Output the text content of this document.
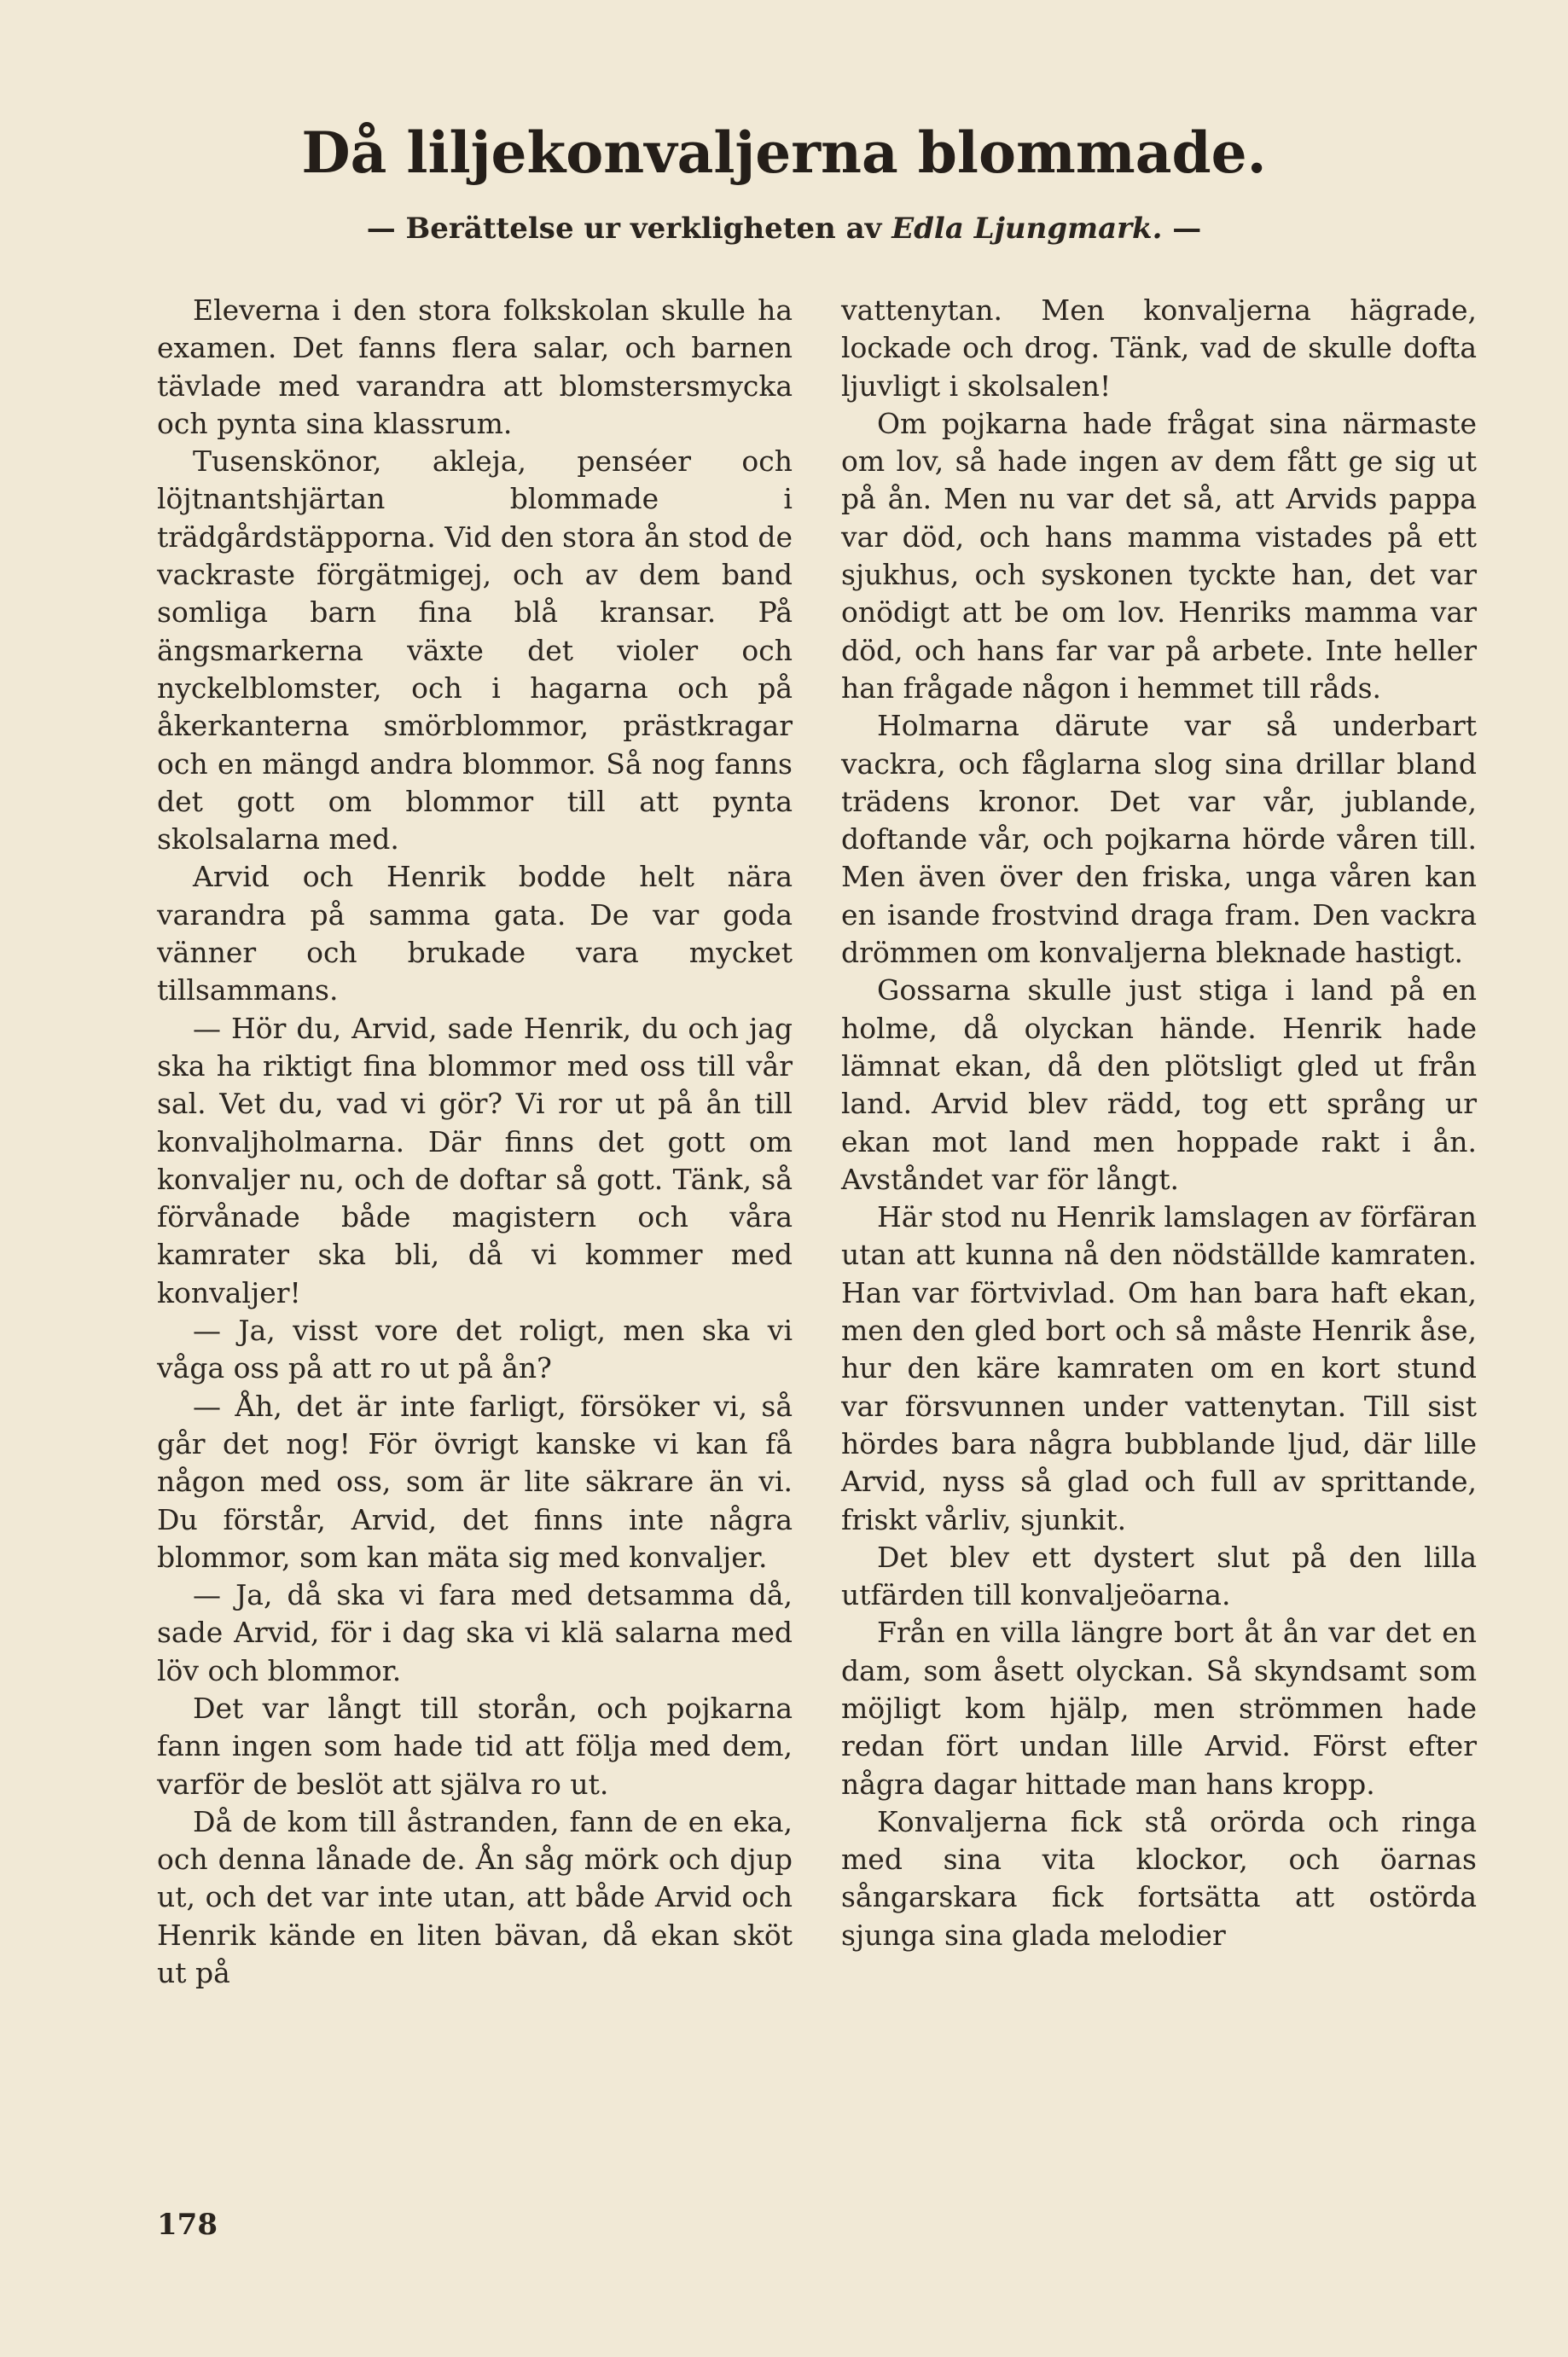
Då liljekonvaljerna blommade.
— Berättelse ur verkligheten av Edla Ljungmark. —

Eleverna i den stora folkskolan skulle ha examen. Det fanns flera salar, och barnen tävlade med varandra att blomstersmycka och pynta sina klassrum.

Tusenskönor, akleja, penséer och löjtnantshjärtan blommade i trädgårdstäpporna. Vid den stora ån stod de vackraste förgätmigej, och av dem band somliga barn fina blå kransar. På ängsmarkerna växte det violer och nyckelblomster, och i hagarna och på åkerkanterna smörblommor, prästkragar och en mängd andra blommor. Så nog fanns det gott om blommor till att pynta skolsalarna med.

Arvid och Henrik bodde helt nära varandra på samma gata. De var goda vänner och brukade vara mycket tillsammans.

— Hör du, Arvid, sade Henrik, du och jag ska ha riktigt fina blommor med oss till vår sal. Vet du, vad vi gör? Vi ror ut på ån till konvaljholmarna. Där finns det gott om konvaljer nu, och de doftar så gott. Tänk, så förvånade både magistern och våra kamrater ska bli, då vi kommer med konvaljer!

— Ja, visst vore det roligt, men ska vi våga oss på att ro ut på ån?

— Åh, det är inte farligt, försöker vi, så går det nog! För övrigt kanske vi kan få någon med oss, som är lite säkrare än vi. Du förstår, Arvid, det finns inte några blommor, som kan mäta sig med konvaljer.

— Ja, då ska vi fara med detsamma då, sade Arvid, för i dag ska vi klä salarna med löv och blommor.

Det var långt till storån, och pojkarna fann ingen som hade tid att följa med dem, varför de beslöt att själva ro ut.

Då de kom till åstranden, fann de en eka, och denna lånade de. Ån såg mörk och djup ut, och det var inte utan, att både Arvid och Henrik kände en liten bävan, då ekan sköt ut på

vattenytan. Men konvaljerna hägrade, lockade och drog. Tänk, vad de skulle dofta ljuvligt i skolsalen!

Om pojkarna hade frågat sina närmaste om lov, så hade ingen av dem fått ge sig ut på ån. Men nu var det så, att Arvids pappa var död, och hans mamma vistades på ett sjukhus, och syskonen tyckte han, det var onödigt att be om lov. Henriks mamma var död, och hans far var på arbete. Inte heller han frågade någon i hemmet till råds.

Holmarna därute var så underbart vackra, och fåglarna slog sina drillar bland trädens kronor. Det var vår, jublande, doftande vår, och pojkarna hörde våren till. Men även över den friska, unga våren kan en isande frostvind draga fram. Den vackra drömmen om konvaljerna bleknade hastigt.

Gossarna skulle just stiga i land på en holme, då olyckan hände. Henrik hade lämnat ekan, då den plötsligt gled ut från land. Arvid blev rädd, tog ett språng ur ekan mot land men hoppade rakt i ån. Avståndet var för långt.

Här stod nu Henrik lamslagen av förfäran utan att kunna nå den nödställde kamraten. Han var förtvivlad. Om han bara haft ekan, men den gled bort och så måste Henrik åse, hur den käre kamraten om en kort stund var försvunnen under vattenytan. Till sist hördes bara några bubblande ljud, där lille Arvid, nyss så glad och full av sprittande, friskt vårliv, sjunkit.

Det blev ett dystert slut på den lilla utfärden till konvaljeöarna.

Från en villa längre bort åt ån var det en dam, som åsett olyckan. Så skyndsamt som möjligt kom hjälp, men strömmen hade redan fört undan lille Arvid. Först efter några dagar hittade man hans kropp.

Konvaljerna fick stå orörda och ringa med sina vita klockor, och öarnas sångarskara fick fortsätta att ostörda sjunga sina glada melodier

178
